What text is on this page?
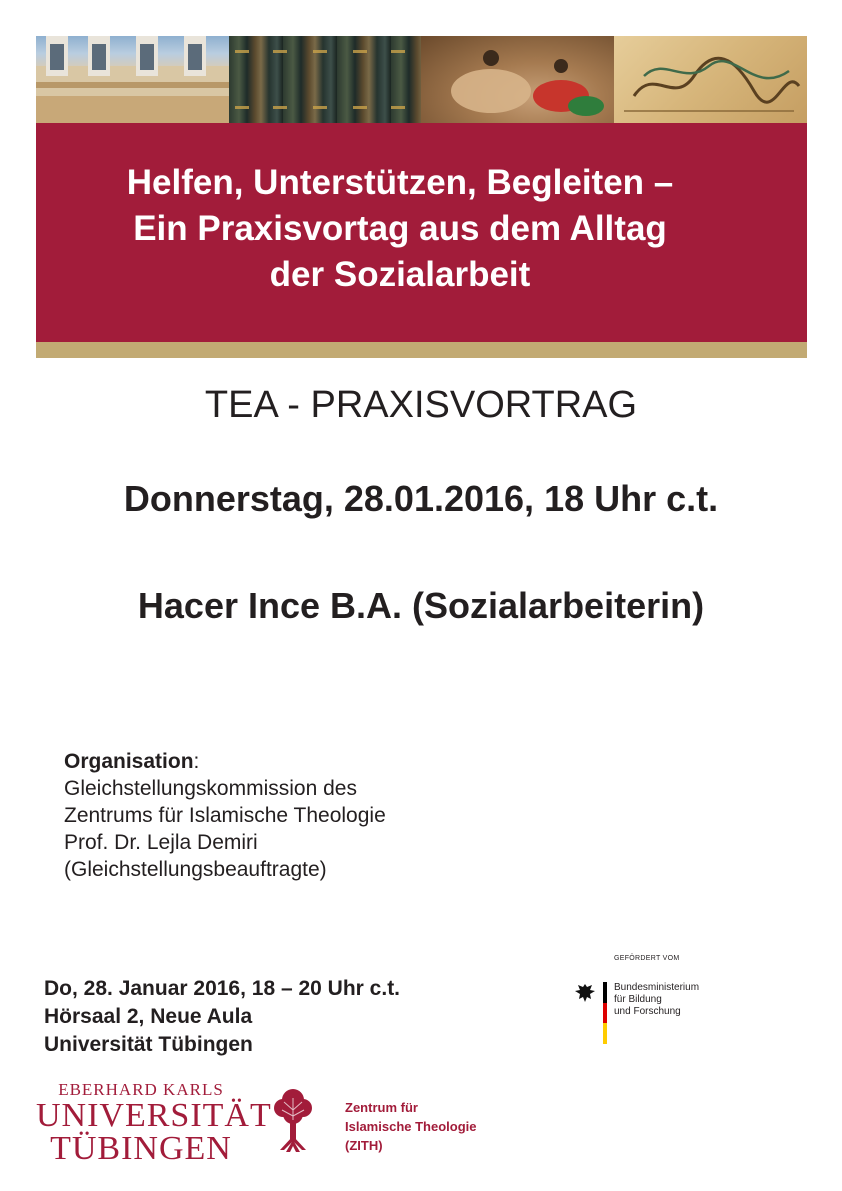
Helfen, Unterstützen, Begleiten –
Ein Praxisvortag aus dem Alltag
der Sozialarbeit
TEA - PRAXISVORTRAG
Donnerstag, 28.01.2016, 18 Uhr c.t.
Hacer Ince B.A. (Sozialarbeiterin)
Organisation:
Gleichstellungskommission des
Zentrums für Islamische Theologie
Prof. Dr. Lejla Demiri
(Gleichstellungsbeauftragte)
Do, 28. Januar 2016, 18 – 20 Uhr c.t.
Hörsaal 2, Neue Aula
Universität Tübingen
GEFÖRDERT VOM
Bundesministerium
für Bildung
und Forschung
EBERHARD KARLS
UNIVERSITÄT
TÜBINGEN
Zentrum für
Islamische Theologie
(ZITH)
